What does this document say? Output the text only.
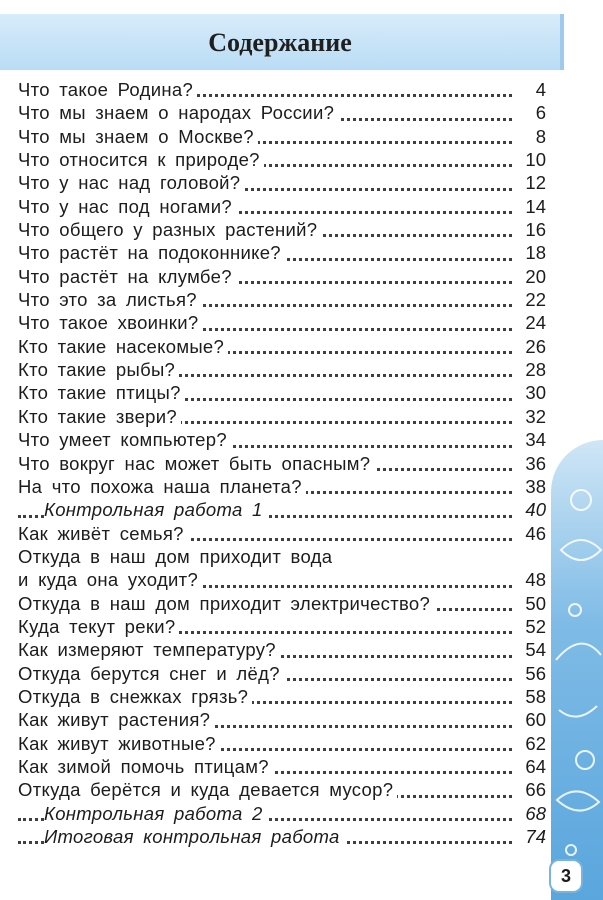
Содержание
Что такое Родина?	4
Что мы знаем о народах России?	6
Что мы знаем о Москве?	8
Что относится к природе?	10
Что у нас над головой?	12
Что у нас под ногами?	14
Что общего у разных растений?	16
Что растёт на подоконнике?	18
Что растёт на клумбе?	20
Что это за листья?	22
Что такое хвоинки?	24
Кто такие насекомые?	26
Кто такие рыбы?	28
Кто такие птицы?	30
Кто такие звери?	32
Что умеет компьютер?	34
Что вокруг нас может быть опасным?	36
На что похожа наша планета?	38
Контрольная работа 1	40
Как живёт семья?	46
Откуда в наш дом приходит вода
и куда она уходит?	48
Откуда в наш дом приходит электричество?	50
Куда текут реки?	52
Как измеряют температуру?	54
Откуда берутся снег и лёд?	56
Откуда в снежках грязь?	58
Как живут растения?	60
Как живут животные?	62
Как зимой помочь птицам?	64
Откуда берётся и куда девается мусор?	66
Контрольная работа 2	68
Итоговая контрольная работа	74
3
